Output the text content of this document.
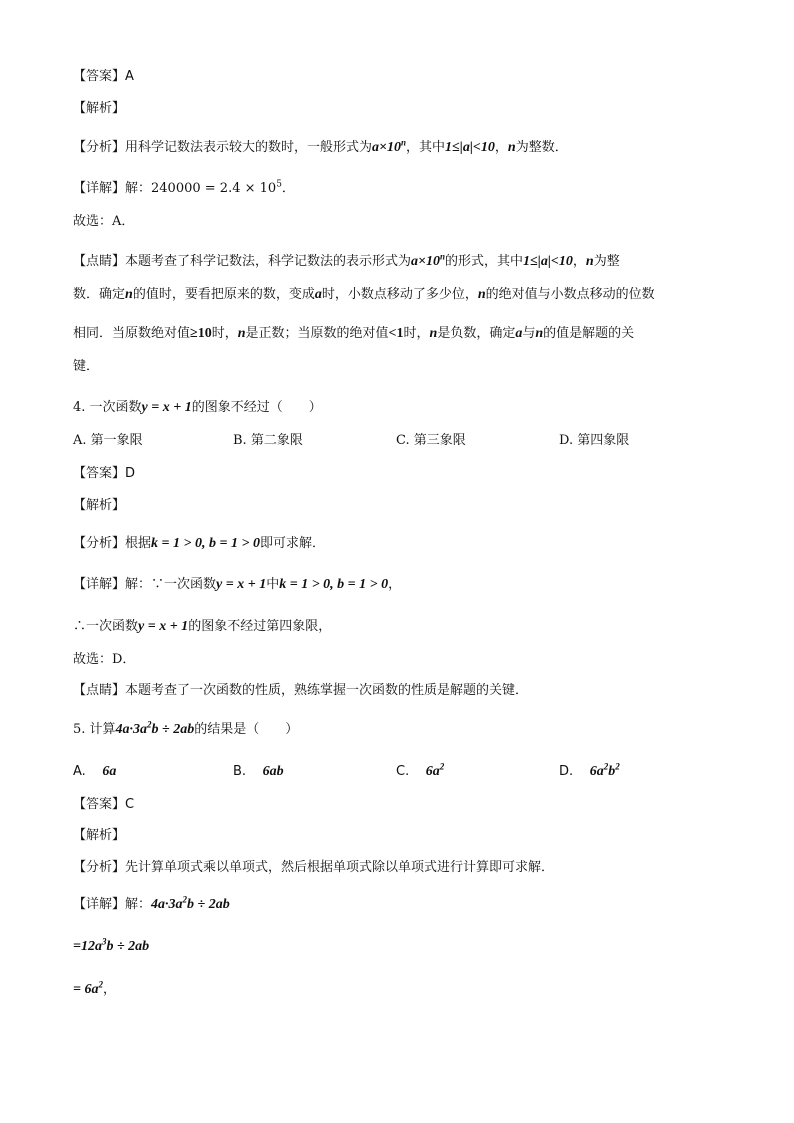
【答案】A
【解析】
【分析】用科学记数法表示较大的数时，一般形式为$a\times 10^n$，其中1≤|a|<10，n为整数．
【详解】解：$240000 = 2.4 \times 10^5$．
故选：A．
【点睛】本题考查了科学记数法，科学记数法的表示形式为$a\times 10^n$的形式，其中1≤|a|<10，n为整
数．确定n的值时，要看把原来的数，变成a时，小数点移动了多少位，n的绝对值与小数点移动的位数
相同．当原数绝对值≥10时，n是正数；当原数的绝对值<1时，n是负数，确定a与n的值是解题的关
键．
4. 一次函数y = x + 1的图象不经过（　　）
A. 第一象限	B. 第二象限	C. 第三象限	D. 第四象限
【答案】D
【解析】
【分析】根据k = 1 > 0, b = 1 > 0即可求解．
【详解】解：∵一次函数y = x + 1中k = 1 > 0, b = 1 > 0，
∴一次函数y = x + 1的图象不经过第四象限，
故选：D．
【点睛】本题考查了一次函数的性质，熟练掌握一次函数的性质是解题的关键．
5. 计算$4a\cdot 3a^2b \div 2ab$的结果是（　　）
A. 6a	B. 6ab	C. $6a^2$	D. $6a^2b^2$
【答案】C
【解析】
【分析】先计算单项式乘以单项式，然后根据单项式除以单项式进行计算即可求解．
【详解】解：$4a\cdot 3a^2b \div 2ab$
$=12a^3b \div 2ab$
= $6a^2$，
